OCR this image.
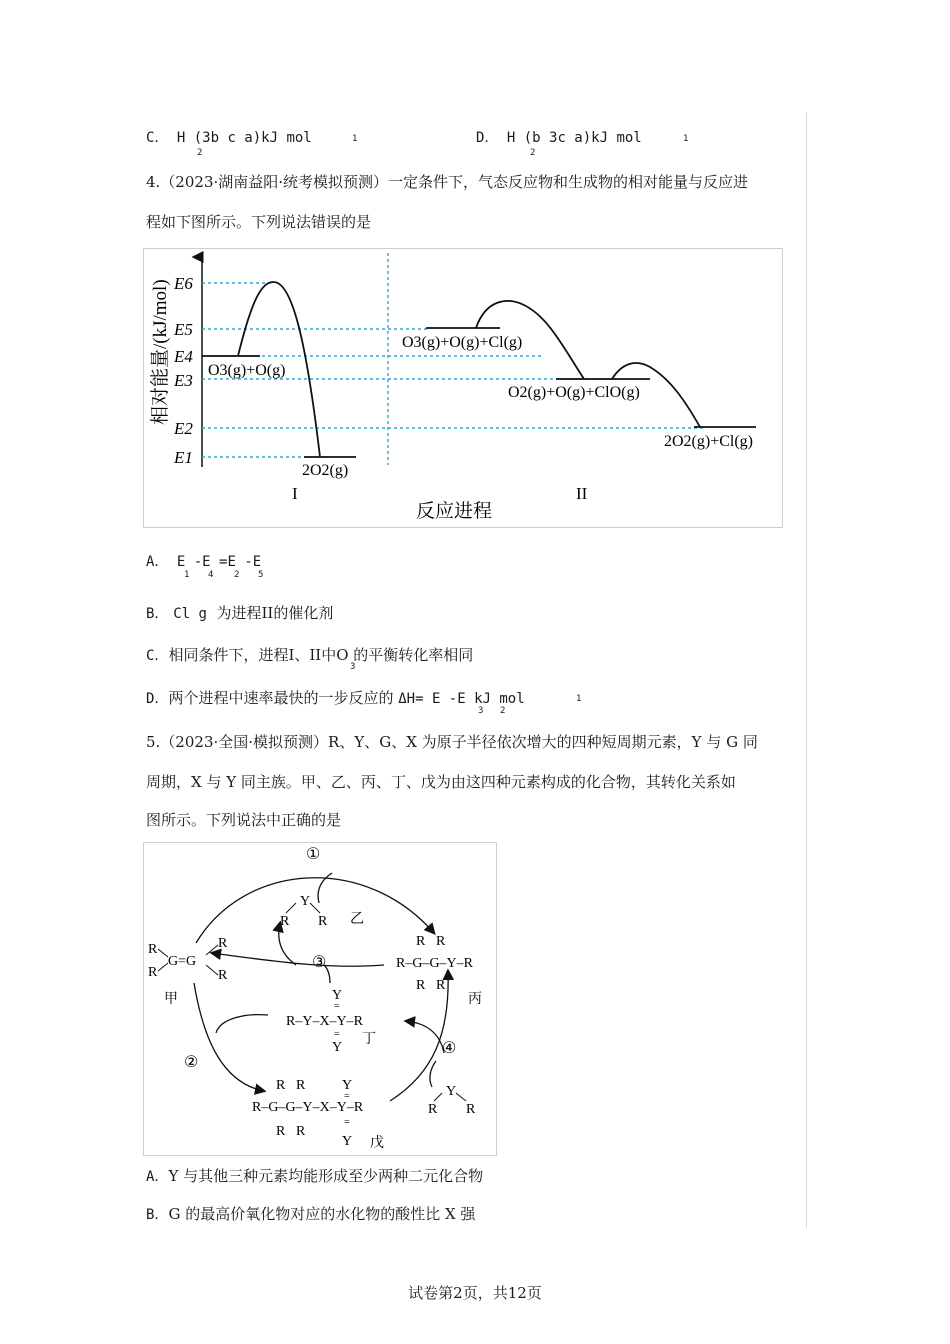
C． H (3b c a)kJ mol
2
1	D． H (b 3c a)kJ mol
2
1
4.（2023·湖南益阳·统考模拟预测）一定条件下，气态反应物和生成物的相对能量与反应进
程如下图所示。下列说法错误的是
相对能量/(kJ/mol) E6
E5
E4
E3
E2
E1
O3(g)+O(g)
2O2(g)
O3(g)+O(g)+Cl(g)
O2(g)+O(g)+ClO(g)
2O2(g)+Cl(g)
I	II
反应进程
A． E -E =E -E
1 4 2 5
B． Cl g 为进程II的催化剂
C．相同条件下，进程Ⅰ、II中O 的平衡转化率相同
3
D．两个进程中速率最快的一步反应的 ΔH= E -E kJ mol
3 2
1
5.（2023·全国·模拟预测）R、Y、G、X 为原子半径依次增大的四种短周期元素，Y 与 G 同
周期，X 与 Y 同主族。甲、乙、丙、丁、戊为由这四种元素构成的化合物，其转化关系如
图所示。下列说法中正确的是
①
②
③
④
R
R
G=G
R
R
甲
Y
R R 乙
R R
R–G–G–Y–R
R R
丙
Y
=
R–Y–X–Y–R
=
Y
丁
Y
=
R R
R–G–G–Y–X–Y–R
R R
=
Y 戊
Y
R R
A．Y 与其他三种元素均能形成至少两种二元化合物
B．G 的最高价氧化物对应的水化物的酸性比 X 强
试卷第2页，共12页
